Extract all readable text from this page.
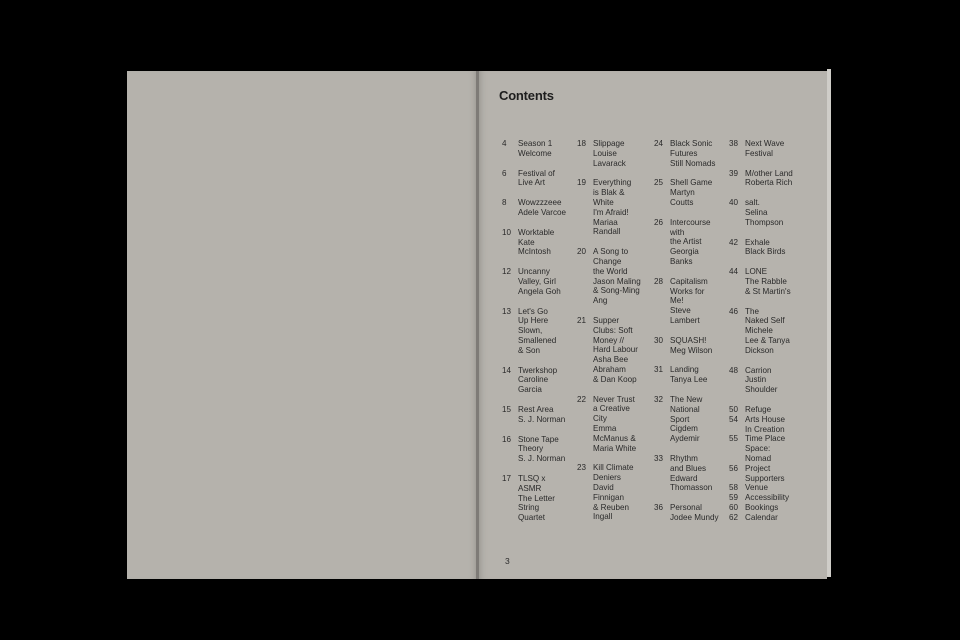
Contents
4	Season 1
Welcome
6	Festival of
Live Art
8	Wowzzzeee
Adele Varcoe
10 Worktable
Kate
McIntosh
12 Uncanny
Valley, Girl
Angela Goh
13 Let's Go
Up Here
Slown,
Smallened
& Son
14 Twerkshop
Caroline
Garcia
15 Rest Area
S. J. Norman
16 Stone Tape
Theory
S. J. Norman
17 TLSQ x
ASMR
The Letter
String
Quartet
18 Slippage
Louise
Lavarack
19 Everything
is Blak &
White
I'm Afraid!
Mariaa
Randall
20 A Song to
Change
the World
Jason Maling
& Song-Ming
Ang
21 Supper
Clubs: Soft
Money //
Hard Labour
Asha Bee
Abraham
& Dan Koop
22 Never Trust
a Creative
City
Emma
McManus &
Maria White
23 Kill Climate
Deniers
David
Finnigan
& Reuben
Ingall
24 Black Sonic
Futures
Still Nomads
25 Shell Game
Martyn
Coutts
26 Intercourse
with
the Artist
Georgia
Banks
28 Capitalism
Works for
Me!
Steve
Lambert
30 SQUASH!
Meg Wilson
31 Landing
Tanya Lee
32 The New
National
Sport
Cigdem
Aydemir
33 Rhythm
and Blues
Edward
Thomasson
36 Personal
Jodee Mundy
38 Next Wave
Festival
39 M/other Land
Roberta Rich
40 salt.
Selina
Thompson
42 Exhale
Black Birds
44 LONE
The Rabble
& St Martin's
46 The
Naked Self
Michele
Lee & Tanya
Dickson
48 Carrion
Justin
Shoulder
50 Refuge
54 Arts House
In Creation
55 Time Place
Space:
Nomad
56 Project
Supporters
58 Venue
59 Accessibility
60 Bookings
62 Calendar
3
